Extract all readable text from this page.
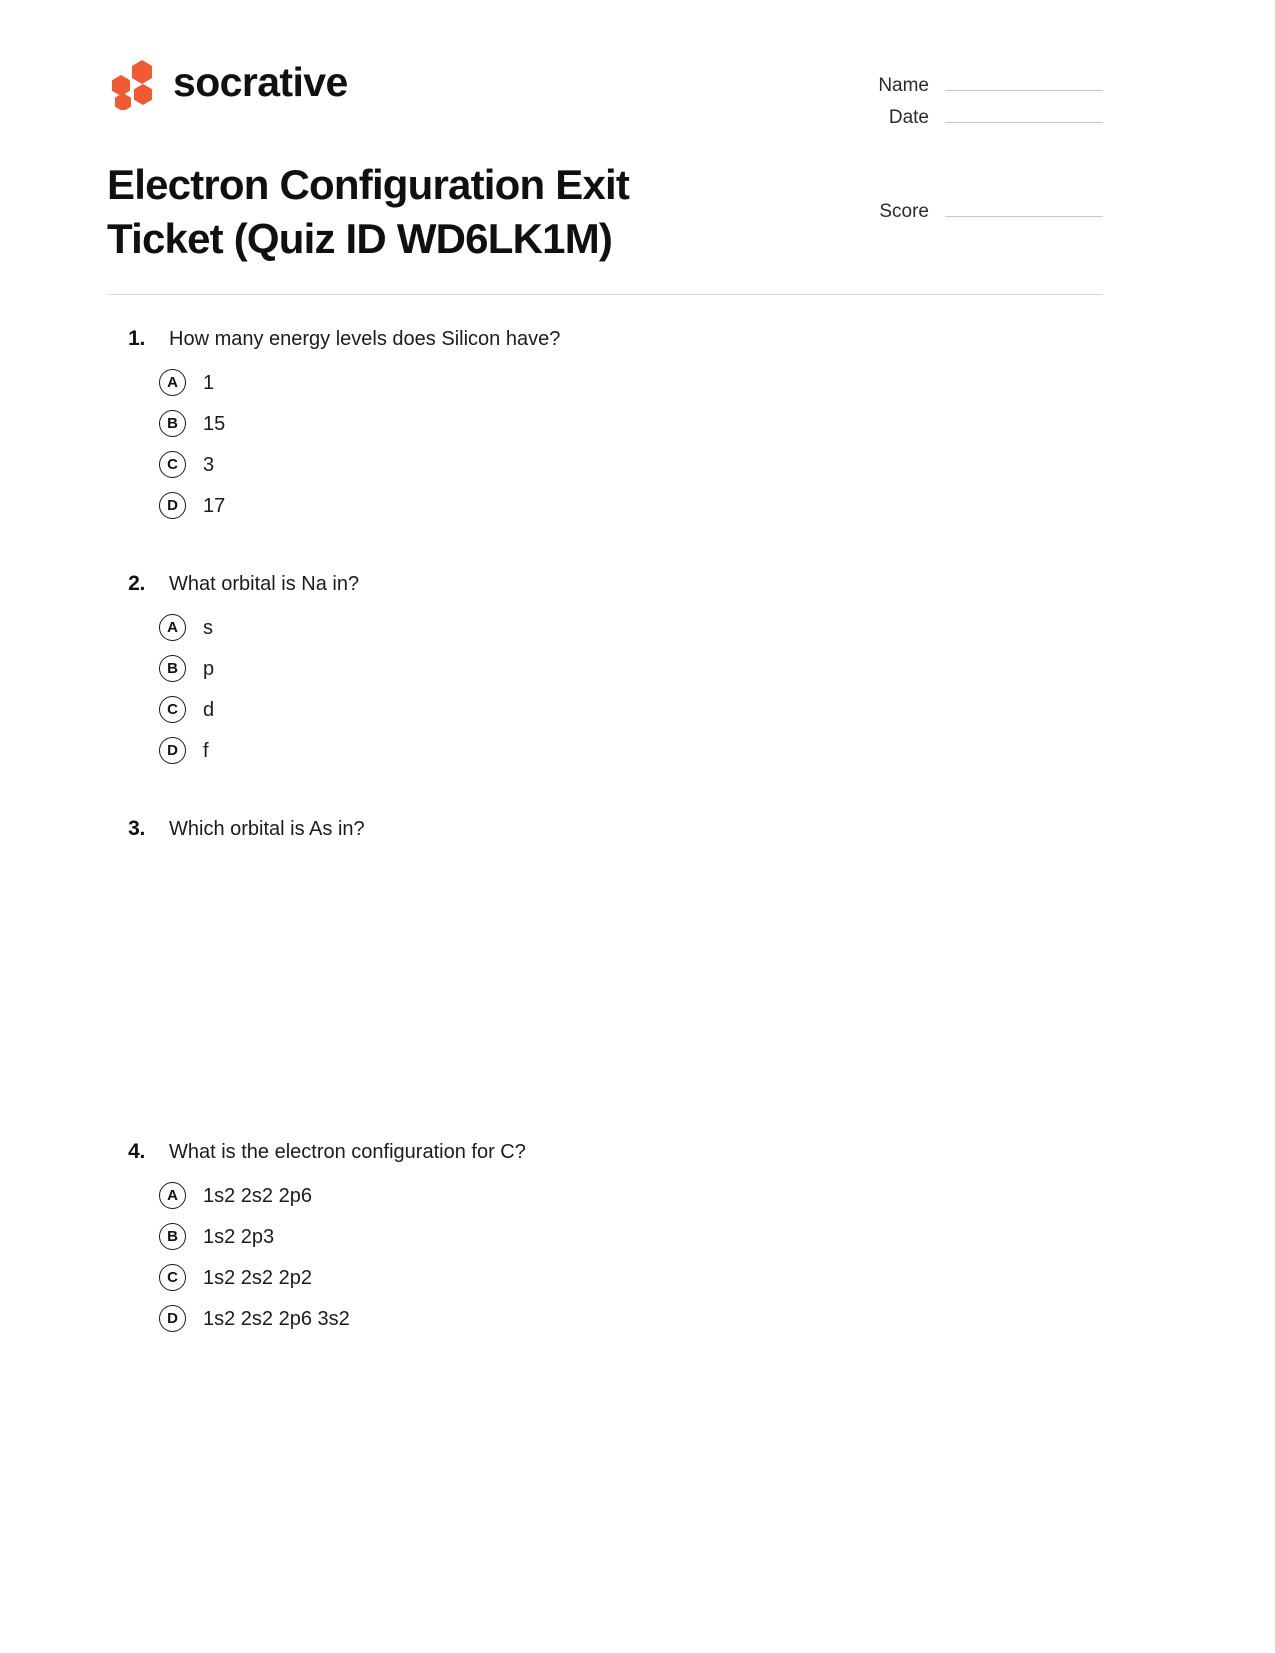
socrative	Name
Date
Electron Configuration Exit Ticket (Quiz ID WD6LK1M)
Score
1. How many energy levels does Silicon have?
A	1
B	15
C	3
D	17
2. What orbital is Na in?
A	s
B	p
C	d
D	f
3. Which orbital is As in?
4. What is the electron configuration for C?
A	1s2 2s2 2p6
B	1s2 2p3
C	1s2 2s2 2p2
D	1s2 2s2 2p6 3s2
